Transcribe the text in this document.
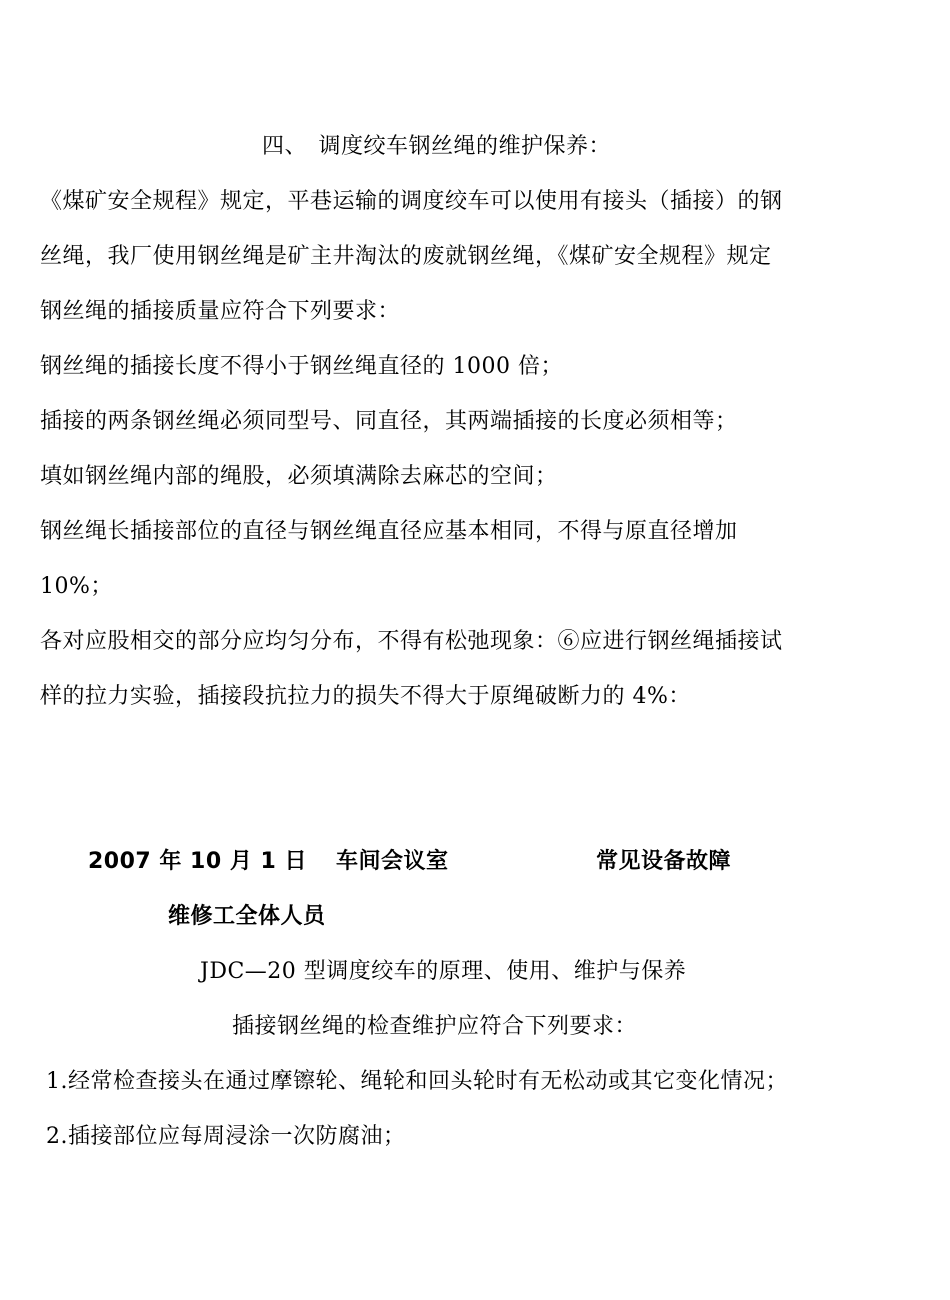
四、　调度绞车钢丝绳的维护保养：
《煤矿安全规程》规定，平巷运输的调度绞车可以使用有接头（插接）的钢
丝绳，我厂使用钢丝绳是矿主井淘汰的废就钢丝绳，《煤矿安全规程》规定
钢丝绳的插接质量应符合下列要求：
钢丝绳的插接长度不得小于钢丝绳直径的 1000 倍；
插接的两条钢丝绳必须同型号、同直径，其两端插接的长度必须相等；
填如钢丝绳内部的绳股，必须填满除去麻芯的空间；
钢丝绳长插接部位的直径与钢丝绳直径应基本相同，不得与原直径增加
10%；
各对应股相交的部分应均匀分布，不得有松弛现象：⑥应进行钢丝绳插接试
样的拉力实验，插接段抗拉力的损失不得大于原绳破断力的 4%：
2007 年 10 月 1 日 车间会议室	常见设备故障
维修工全体人员
JDC—20 型调度绞车的原理、使用、维护与保养
插接钢丝绳的检查维护应符合下列要求：
1.经常检查接头在通过摩镲轮、绳轮和回头轮时有无松动或其它变化情况；
2.插接部位应每周浸涂一次防腐油；
